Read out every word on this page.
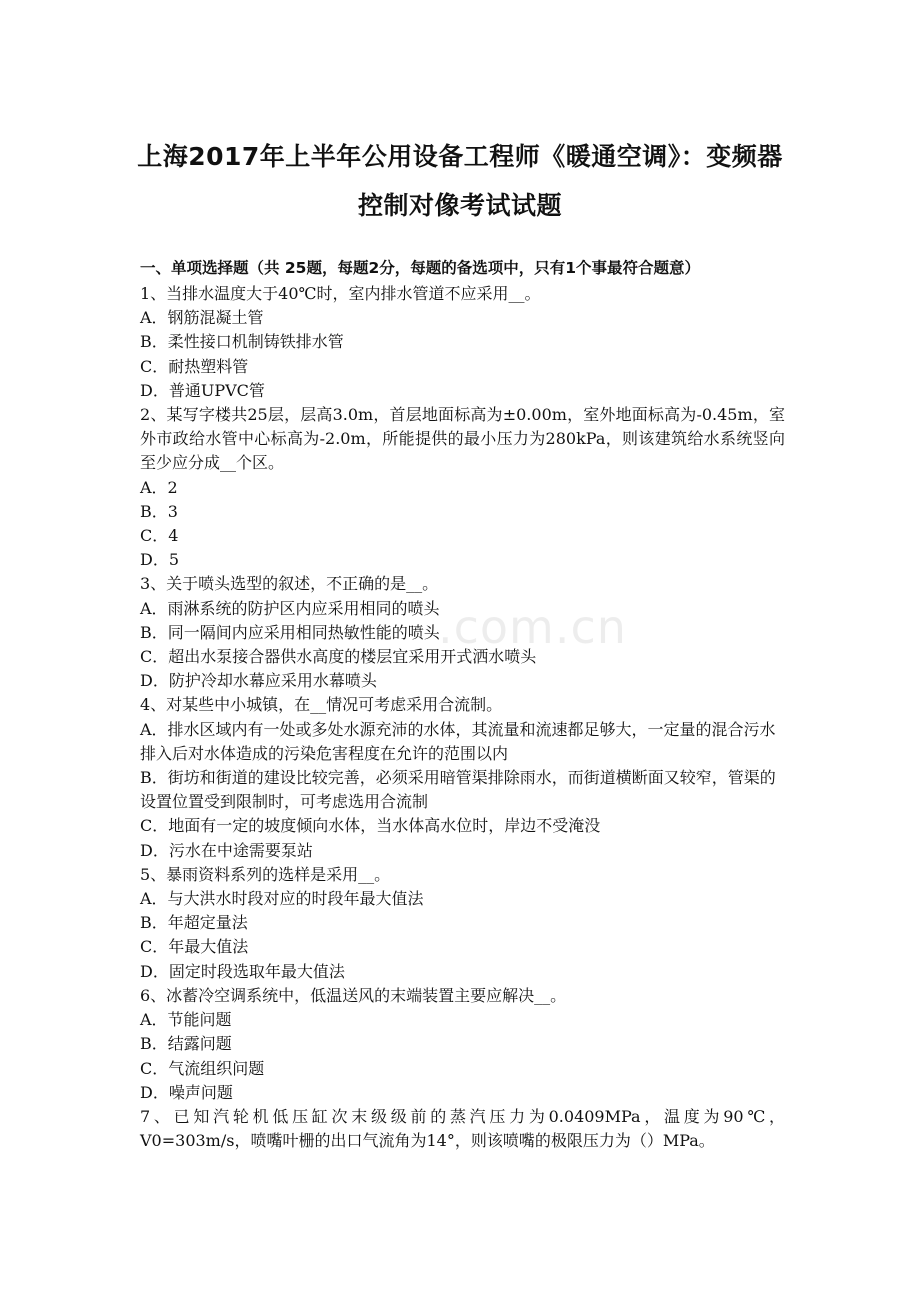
上海2017年上半年公用设备工程师《暖通空调》：变频器
控制对像考试试题
.com.cn
一、单项选择题（共 25题，每题2分，每题的备选项中，只有1个事最符合题意）
1、当排水温度大于40℃时，室内排水管道不应采用__。
A．钢筋混凝土管
B．柔性接口机制铸铁排水管
C．耐热塑料管
D．普通UPVC管
2、某写字楼共25层，层高3.0m，首层地面标高为±0.00m，室外地面标高为-0.45m，室外市政给水管中心标高为-2.0m，所能提供的最小压力为280kPa，则该建筑给水系统竖向至少应分成__个区。
A．2
B．3
C．4
D．5
3、关于喷头选型的叙述，不正确的是__。
A．雨淋系统的防护区内应采用相同的喷头
B．同一隔间内应采用相同热敏性能的喷头
C．超出水泵接合器供水高度的楼层宜采用开式洒水喷头
D．防护冷却水幕应采用水幕喷头
4、对某些中小城镇，在__情况可考虑采用合流制。
A．排水区域内有一处或多处水源充沛的水体，其流量和流速都足够大，一定量的混合污水排入后对水体造成的污染危害程度在允许的范围以内
B．街坊和街道的建设比较完善，必须采用暗管渠排除雨水，而街道横断面又较窄，管渠的设置位置受到限制时，可考虑选用合流制
C．地面有一定的坡度倾向水体，当水体高水位时，岸边不受淹没
D．污水在中途需要泵站
5、暴雨资料系列的选样是采用__。
A．与大洪水时段对应的时段年最大值法
B．年超定量法
C．年最大值法
D．固定时段选取年最大值法
6、冰蓄冷空调系统中，低温送风的末端装置主要应解决__。
A．节能问题
B．结露问题
C．气流组织问题
D．噪声问题
7、已知汽轮机低压缸次末级级前的蒸汽压力为0.0409MPa，温度为90℃，V0=303m/s，喷嘴叶栅的出口气流角为14°，则该喷嘴的极限压力为（）MPa。
